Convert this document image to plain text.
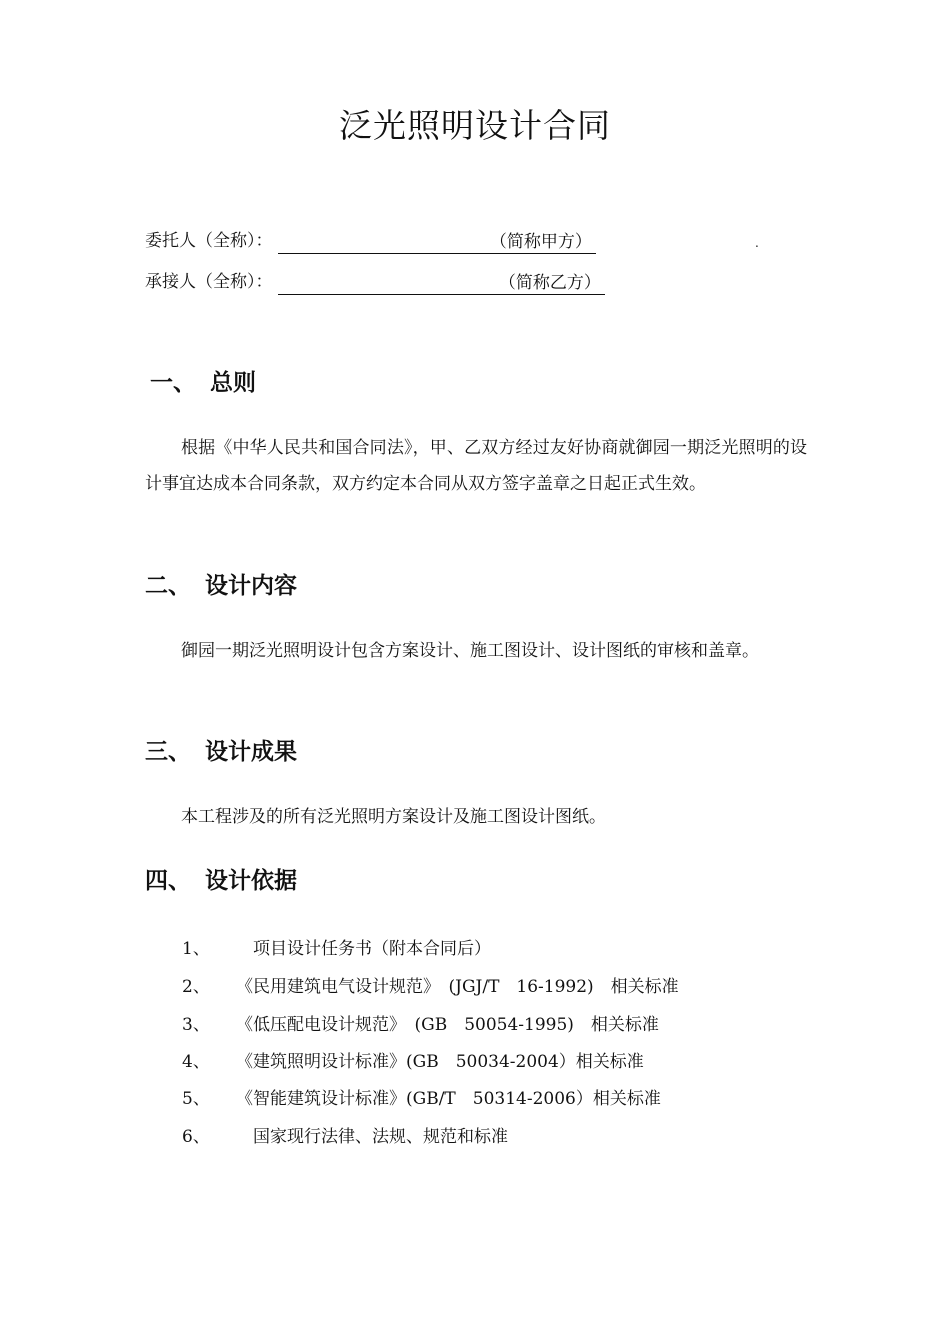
泛光照明设计合同
委托人（全称）：	（简称甲方）	.
承接人（全称）：	（简称乙方）
一、 总则

根据《中华人民共和国合同法》，甲、乙双方经过友好协商就御园一期泛光照明的设计事宜达成本合同条款，双方约定本合同从双方签字盖章之日起正式生效。

二、 设计内容

御园一期泛光照明设计包含方案设计、施工图设计、设计图纸的审核和盖章。

三、 设计成果

本工程涉及的所有泛光照明方案设计及施工图设计图纸。

四、 设计依据
1、　项目设计任务书（附本合同后）
2、 《民用建筑电气设计规范》　(JGJ/T　16-1992)　相关标准
3、 《低压配电设计规范》　(GB　50054-1995)　相关标准
4、 《建筑照明设计标准》(GB　50034-2004）相关标准
5、 《智能建筑设计标准》(GB/T　50314-2006）相关标准
6、　国家现行法律、法规、规范和标准
